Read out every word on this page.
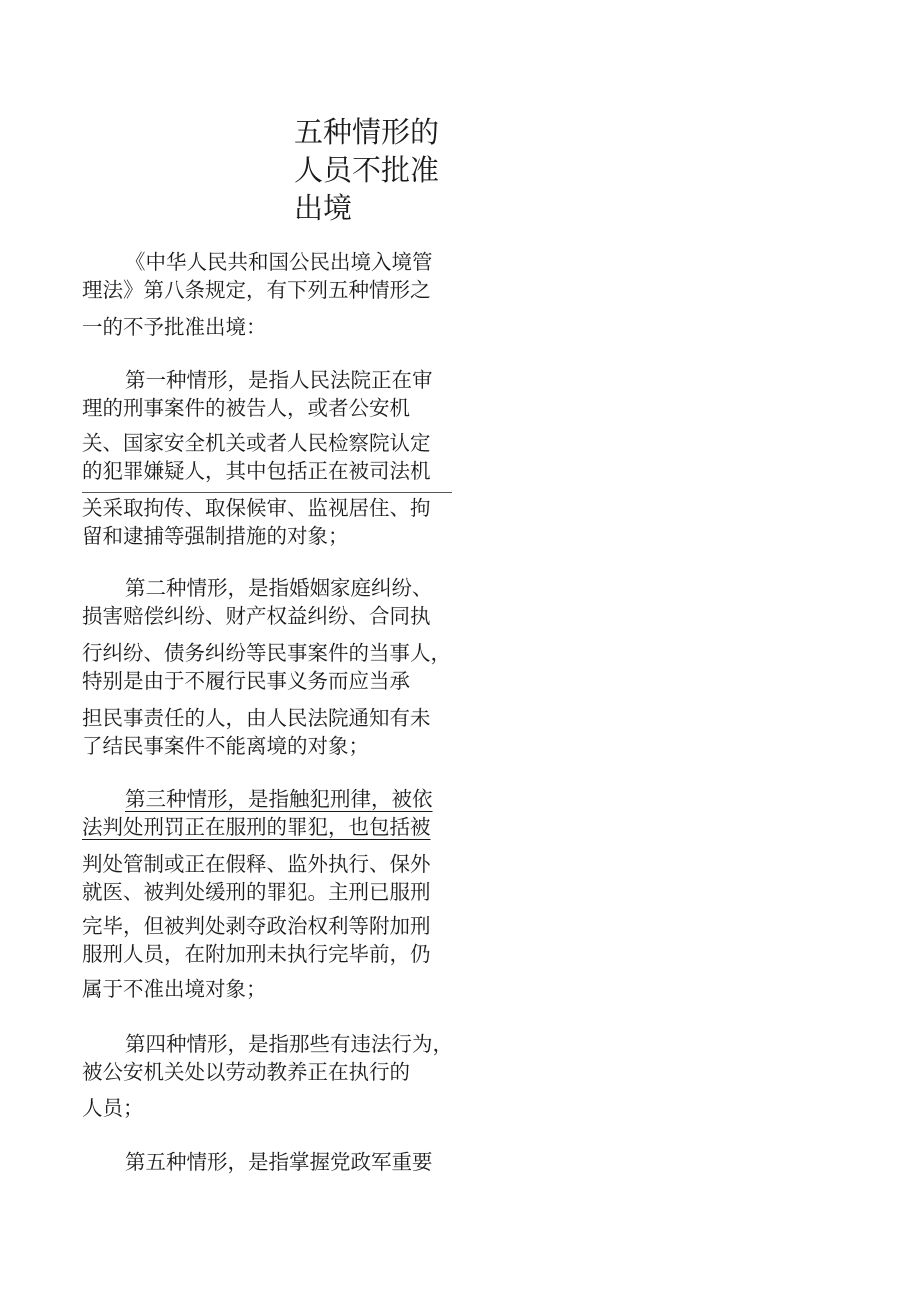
五种情形的
人员不批准
出境
《中华人民共和国公民出境入境管
理法》第八条规定，有下列五种情形之
一的不予批准出境：
第一种情形，是指人民法院正在审
理的刑事案件的被告人，或者公安机
关、国家安全机关或者人民检察院认定
的犯罪嫌疑人，其中包括正在被司法机
关采取拘传、取保候审、监视居住、拘
留和逮捕等强制措施的对象；
第二种情形，是指婚姻家庭纠纷、
损害赔偿纠纷、财产权益纠纷、合同执
行纠纷、债务纠纷等民事案件的当事人，
特别是由于不履行民事义务而应当承
担民事责任的人，由人民法院通知有未
了结民事案件不能离境的对象；
第三种情形，是指触犯刑律，被依
法判处刑罚正在服刑的罪犯，也包括被
判处管制或正在假释、监外执行、保外
就医、被判处缓刑的罪犯。主刑已服刑
完毕，但被判处剥夺政治权利等附加刑
服刑人员，在附加刑未执行完毕前，仍
属于不准出境对象；
第四种情形，是指那些有违法行为，
被公安机关处以劳动教养正在执行的
人员；
第五种情形，是指掌握党政军重要
